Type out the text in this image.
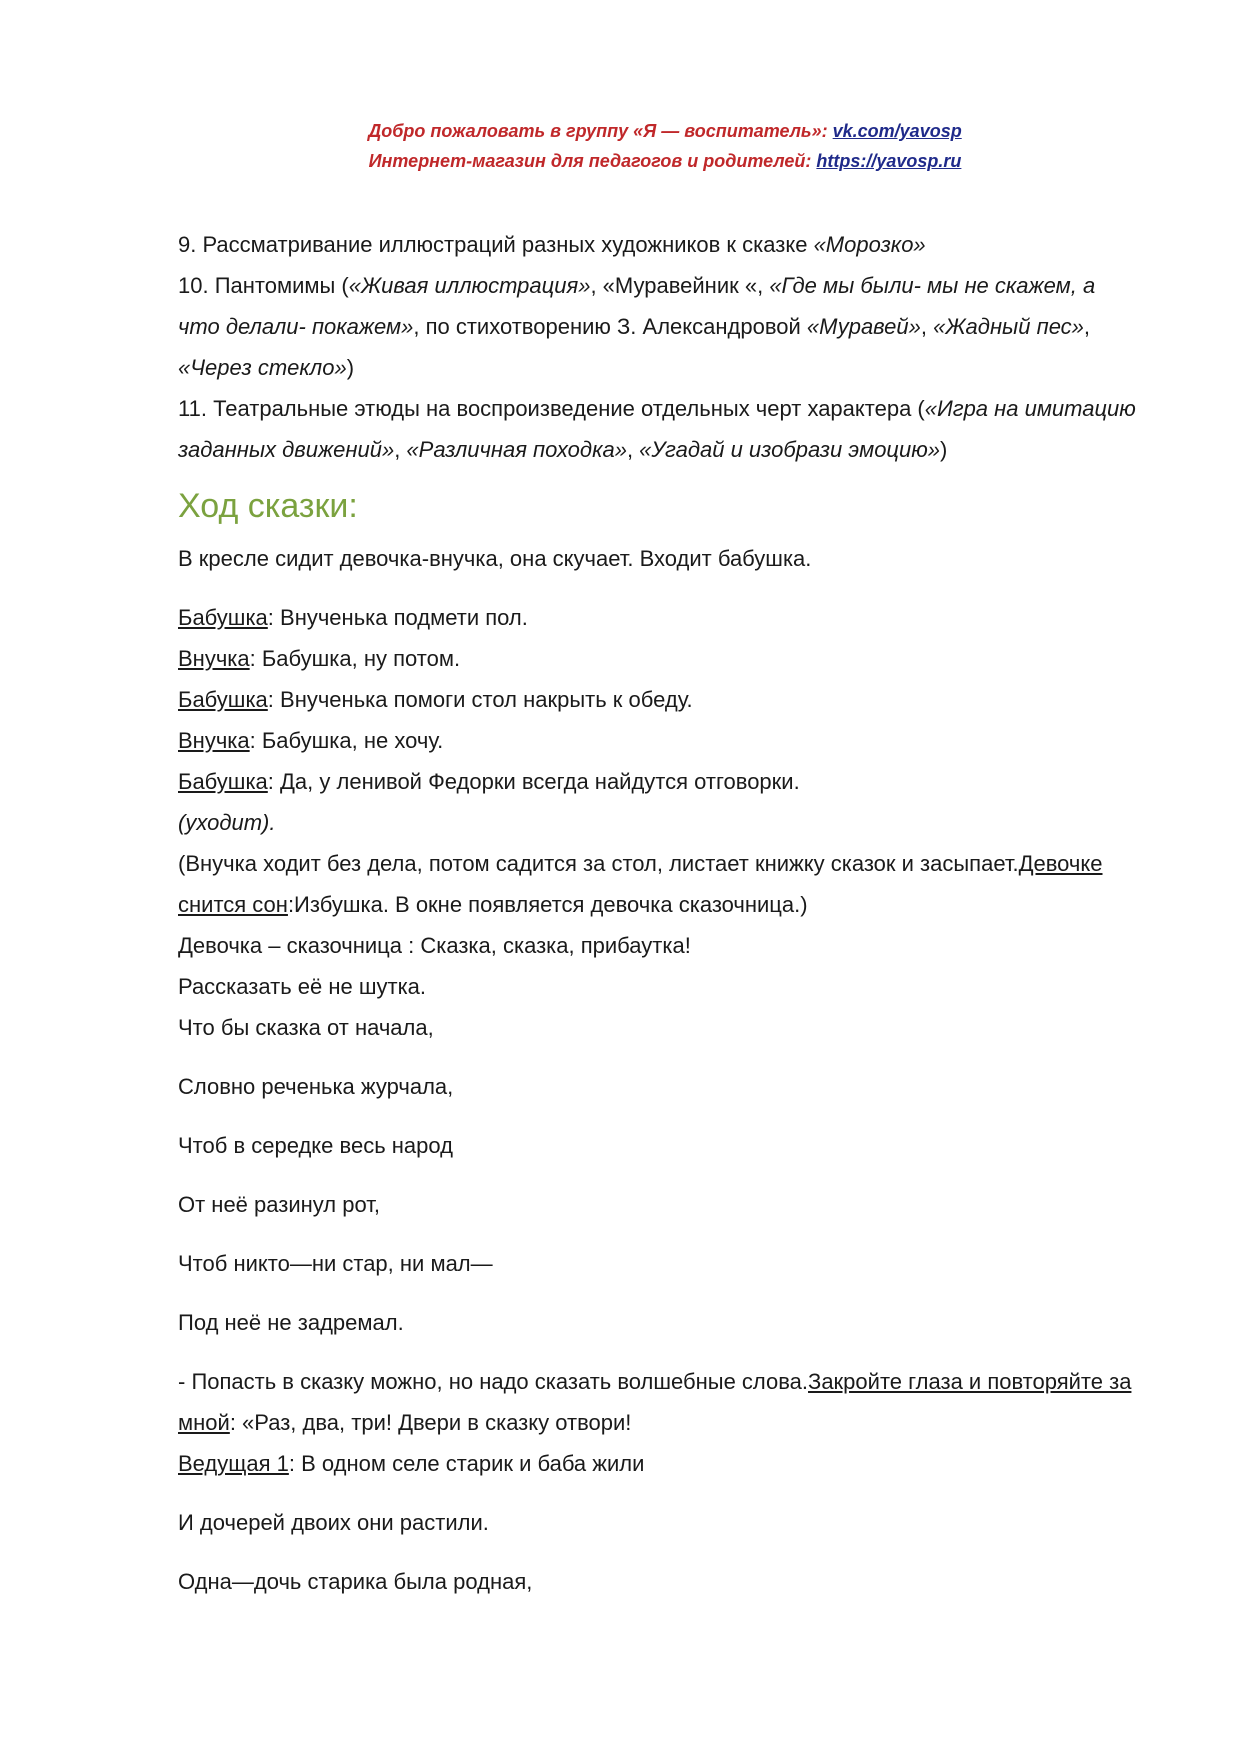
Добро пожаловать в группу «Я — воспитатель»: vk.com/yavosp
Интернет-магазин для педагогов и родителей: https://yavosp.ru

9. Рассматривание иллюстраций разных художников к сказке «Морозко»

10. Пантомимы («Живая иллюстрация», «Муравейник «, «Где мы были- мы не скажем, а что делали- покажем», по стихотворению З. Александровой «Муравей», «Жадный пес», «Через стекло»)

11. Театральные этюды на воспроизведение отдельных черт характера («Игра на имитацию заданных движений», «Различная походка», «Угадай и изобрази эмоцию»)

Ход сказки:

В кресле сидит девочка-внучка, она скучает. Входит бабушка.

Бабушка: Внученька подмети пол.

Внучка: Бабушка, ну потом.

Бабушка: Внученька помоги стол накрыть к обеду.

Внучка: Бабушка, не хочу.

Бабушка: Да, у ленивой Федорки всегда найдутся отговорки.

(уходит).

(Внучка ходит без дела, потом садится за стол, листает книжку сказок и засыпает.Девочке снится сон:Избушка. В окне появляется девочка сказочница.)

Девочка – сказочница : Сказка, сказка, прибаутка!

Рассказать её не шутка.

Что бы сказка от начала,

Словно реченька журчала,

Чтоб в середке весь народ

От неё разинул рот,

Чтоб никто—ни стар, ни мал—

Под неё не задремал.

- Попасть в сказку можно, но надо сказать волшебные слова.Закройте глаза и повторяйте за мной: «Раз, два, три! Двери в сказку отвори!

Ведущая 1: В одном селе старик и баба жили

И дочерей двоих они растили.

Одна—дочь старика была родная,
